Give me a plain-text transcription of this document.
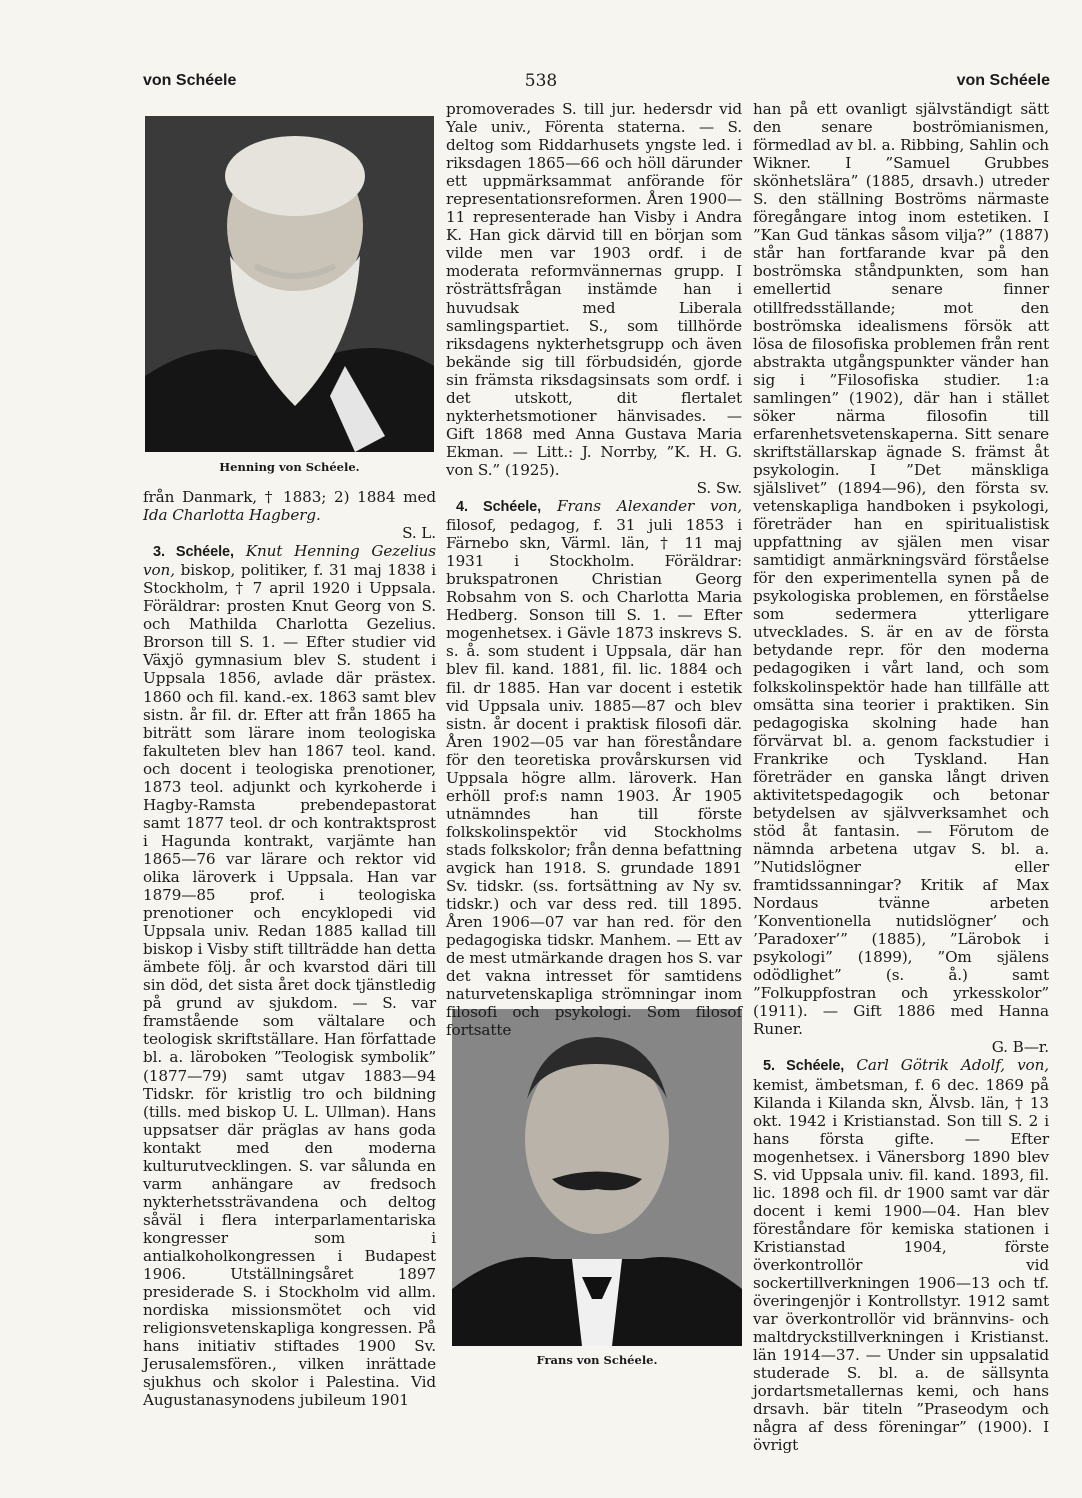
von Schéele	538	von Schéele
Henning von Schéele.
Frans von Schéele.

från Danmark, † 1883; 2) 1884 med Ida Charlotta Hagberg.

S. L.

3. Schéele, Knut Henning Gezelius von, biskop, politiker, f. 31 maj 1838 i Stockholm, † 7 april 1920 i Uppsala. Föräldrar: prosten Knut Georg von S. och Mathilda Charlotta Gezelius. Brorson till S. 1. — Efter studier vid Växjö gymnasium blev S. student i Uppsala 1856, avlade där prästex. 1860 och fil. kand.-ex. 1863 samt blev sistn. år fil. dr. Efter att från 1865 ha biträtt som lärare inom teologiska fakulteten blev han 1867 teol. kand. och docent i teologiska prenotioner, 1873 teol. adjunkt och kyrkoherde i Hagby-Ramsta prebendepastorat samt 1877 teol. dr och kontraktsprost i Hagunda kontrakt, varjämte han 1865—76 var lärare och rektor vid olika läroverk i Uppsala. Han var 1879—85 prof. i teologiska prenotioner och encyklopedi vid Uppsala univ. Redan 1885 kallad till biskop i Visby stift tillträdde han detta ämbete följ. år och kvarstod däri till sin död, det sista året dock tjänstledig på grund av sjukdom. — S. var framstående som vältalare och teologisk skriftställare. Han författade bl. a. läroboken ”Teologisk symbolik” (1877—79) samt utgav 1883—94 Tidskr. för kristlig tro och bildning (tills. med biskop U. L. Ullman). Hans uppsatser där präglas av hans goda kontakt med den moderna kulturutvecklingen. S. var sålunda en varm anhängare av fredsoch nykterhetssträvandena och deltog såväl i flera interparlamentariska kongresser som i antialkoholkongressen i Budapest 1906. Utställningsåret 1897 presiderade S. i Stockholm vid allm. nordiska missionsmötet och vid religionsvetenskapliga kongressen. På hans initiativ stiftades 1900 Sv. Jerusalemsfören., vilken inrättade sjukhus och skolor i Palestina. Vid Augustanasynodens jubileum 1901

promoverades S. till jur. hedersdr vid Yale univ., Förenta staterna. — S. deltog som Riddarhusets yngste led. i riksdagen 1865—66 och höll därunder ett uppmärksammat anförande för representationsreformen. Åren 1900—11 representerade han Visby i Andra K. Han gick därvid till en början som vilde men var 1903 ordf. i de moderata reformvännernas grupp. I rösträttsfrågan instämde han i huvudsak med Liberala samlingspartiet. S., som tillhörde riksdagens nykterhetsgrupp och även bekände sig till förbudsidén, gjorde sin främsta riksdagsinsats som ordf. i det utskott, dit flertalet nykterhetsmotioner hänvisades. — Gift 1868 med Anna Gustava Maria Ekman. — Litt.: J. Norrby, ”K. H. G. von S.” (1925).

S. Sw.

4. Schéele, Frans Alexander von, filosof, pedagog, f. 31 juli 1853 i Färnebo skn, Värml. län, † 11 maj 1931 i Stockholm. Föräldrar: brukspatronen Christian Georg Robsahm von S. och Charlotta Maria Hedberg. Sonson till S. 1. — Efter mogenhetsex. i Gävle 1873 inskrevs S. s. å. som student i Uppsala, där han blev fil. kand. 1881, fil. lic. 1884 och fil. dr 1885. Han var docent i estetik vid Uppsala univ. 1885—87 och blev sistn. år docent i praktisk filosofi där. Åren 1902—05 var han föreståndare för den teoretiska provårskursen vid Uppsala högre allm. läroverk. Han erhöll prof:s namn 1903. År 1905 utnämndes han till förste folkskolinspektör vid Stockholms stads folkskolor; från denna befattning avgick han 1918. S. grundade 1891 Sv. tidskr. (ss. fortsättning av Ny sv. tidskr.) och var dess red. till 1895. Åren 1906—07 var han red. för den pedagogiska tidskr. Manhem. — Ett av de mest utmärkande dragen hos S. var det vakna intresset för samtidens naturvetenskapliga strömningar inom filosofi och psykologi. Som filosof fortsatte

han på ett ovanligt självständigt sätt den senare boströmianismen, förmedlad av bl. a. Ribbing, Sahlin och Wikner. I ”Samuel Grubbes skönhetslära” (1885, drsavh.) utreder S. den ställning Boströms närmaste föregångare intog inom estetiken. I ”Kan Gud tänkas såsom vilja?” (1887) står han fortfarande kvar på den boströmska ståndpunkten, som han emellertid senare finner otillfredsställande; mot den boströmska idealismens försök att lösa de filosofiska problemen från rent abstrakta utgångspunkter vänder han sig i ”Filosofiska studier. 1:a samlingen” (1902), där han i stället söker närma filosofin till erfarenhetsvetenskaperna. Sitt senare skriftställarskap ägnade S. främst åt psykologin. I ”Det mänskliga själslivet” (1894—96), den första sv. vetenskapliga handboken i psykologi, företräder han en spiritualistisk uppfattning av själen men visar samtidigt anmärkningsvärd förståelse för den experimentella synen på de psykologiska problemen, en förståelse som sedermera ytterligare utvecklades. S. är en av de första betydande repr. för den moderna pedagogiken i vårt land, och som folkskolinspektör hade han tillfälle att omsätta sina teorier i praktiken. Sin pedagogiska skolning hade han förvärvat bl. a. genom fackstudier i Frankrike och Tyskland. Han företräder en ganska långt driven aktivitetspedagogik och betonar betydelsen av självverksamhet och stöd åt fantasin. — Förutom de nämnda arbetena utgav S. bl. a. ”Nutidslögner eller framtidssanningar? Kritik af Max Nordaus tvänne arbeten ’Konventionella nutidslögner’ och ’Paradoxer’” (1885), ”Lärobok i psykologi” (1899), ”Om själens odödlighet” (s. å.) samt ”Folkuppfostran och yrkesskolor” (1911). — Gift 1886 med Hanna Runer.

G. B—r.

5. Schéele, Carl Götrik Adolf, von, kemist, ämbetsman, f. 6 dec. 1869 på Kilanda i Kilanda skn, Älvsb. län, † 13 okt. 1942 i Kristianstad. Son till S. 2 i hans första gifte. — Efter mogenhetsex. i Vänersborg 1890 blev S. vid Uppsala univ. fil. kand. 1893, fil. lic. 1898 och fil. dr 1900 samt var där docent i kemi 1900—04. Han blev föreståndare för kemiska stationen i Kristianstad 1904, förste överkontrollör vid sockertillverkningen 1906—13 och tf. överingenjör i Kontrollstyr. 1912 samt var överkontrollör vid brännvins- och maltdryckstillverkningen i Kristianst. län 1914—37. — Under sin uppsalatid studerade S. bl. a. de sällsynta jordartsmetallernas kemi, och hans drsavh. bär titeln ”Praseodym och några af dess föreningar” (1900). I övrigt
